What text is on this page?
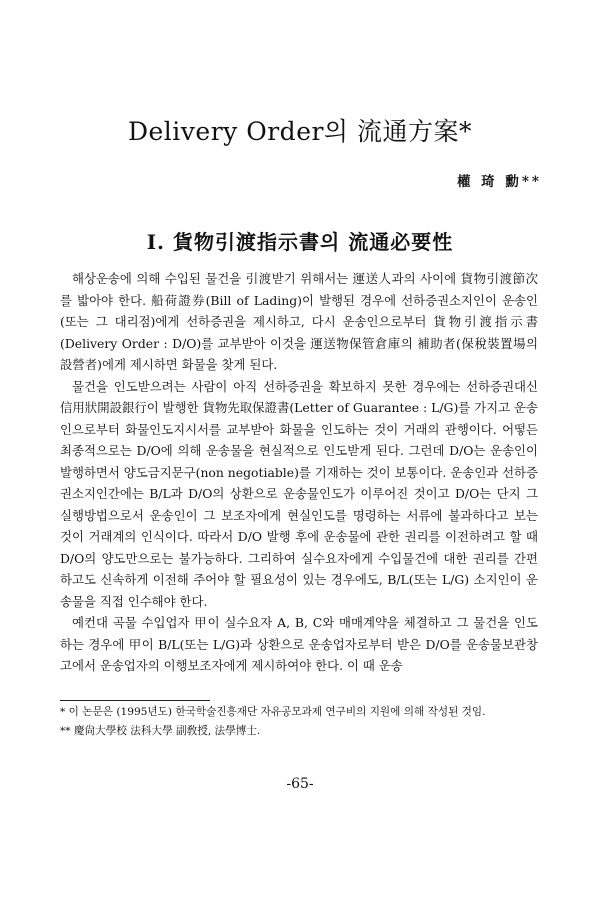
Delivery Order의 流通方案*
權 琦 勳**
Ⅰ. 貨物引渡指示書의 流通必要性

해상운송에 의해 수입된 물건을 引渡받기 위해서는 運送人과의 사이에 貨物引渡節次를 밟아야 한다. 船荷證券(Bill of Lading)이 발행된 경우에 선하증권소지인이 운송인(또는 그 대리점)에게 선하증권을 제시하고, 다시 운송인으로부터 貨物引渡指示書(Delivery Order : D/O)를 교부받아 이것을 運送物保管倉庫의 補助者(保稅裝置場의 設營者)에게 제시하면 화물을 찾게 된다.

물건을 인도받으려는 사람이 아직 선하증권을 확보하지 못한 경우에는 선하증권대신 信用狀開設銀行이 발행한 貨物先取保證書(Letter of Guarantee : L/G)를 가지고 운송인으로부터 화물인도지시서를 교부받아 화물을 인도하는 것이 거래의 관행이다. 어떻든 최종적으로는 D/O에 의해 운송물을 현실적으로 인도받게 된다. 그런데 D/O는 운송인이 발행하면서 양도금지문구(non negotiable)를 기재하는 것이 보통이다. 운송인과 선하증권소지인간에는 B/L과 D/O의 상환으로 운송물인도가 이루어진 것이고 D/O는 단지 그 실행방법으로서 운송인이 그 보조자에게 현실인도를 명령하는 서류에 불과하다고 보는 것이 거래계의 인식이다. 따라서 D/O 발행 후에 운송물에 관한 권리를 이전하려고 할 때 D/O의 양도만으로는 불가능하다. 그리하여 실수요자에게 수입물건에 대한 권리를 간편하고도 신속하게 이전해 주어야 할 필요성이 있는 경우에도, B/L(또는 L/G) 소지인이 운송물을 직접 인수해야 한다.

예컨대 곡물 수입업자 甲이 실수요자 A, B, C와 매매계약을 체결하고 그 물건을 인도하는 경우에 甲이 B/L(또는 L/G)과 상환으로 운송업자로부터 받은 D/O를 운송물보관창고에서 운송업자의 이행보조자에게 제시하여야 한다. 이 때 운송

* 이 논문은 (1995년도) 한국학술진흥재단 자유공모과제 연구비의 지원에 의해 작성된 것임.
** 慶尙大學校 法科大學 副敎授, 法學博士.
-65-
